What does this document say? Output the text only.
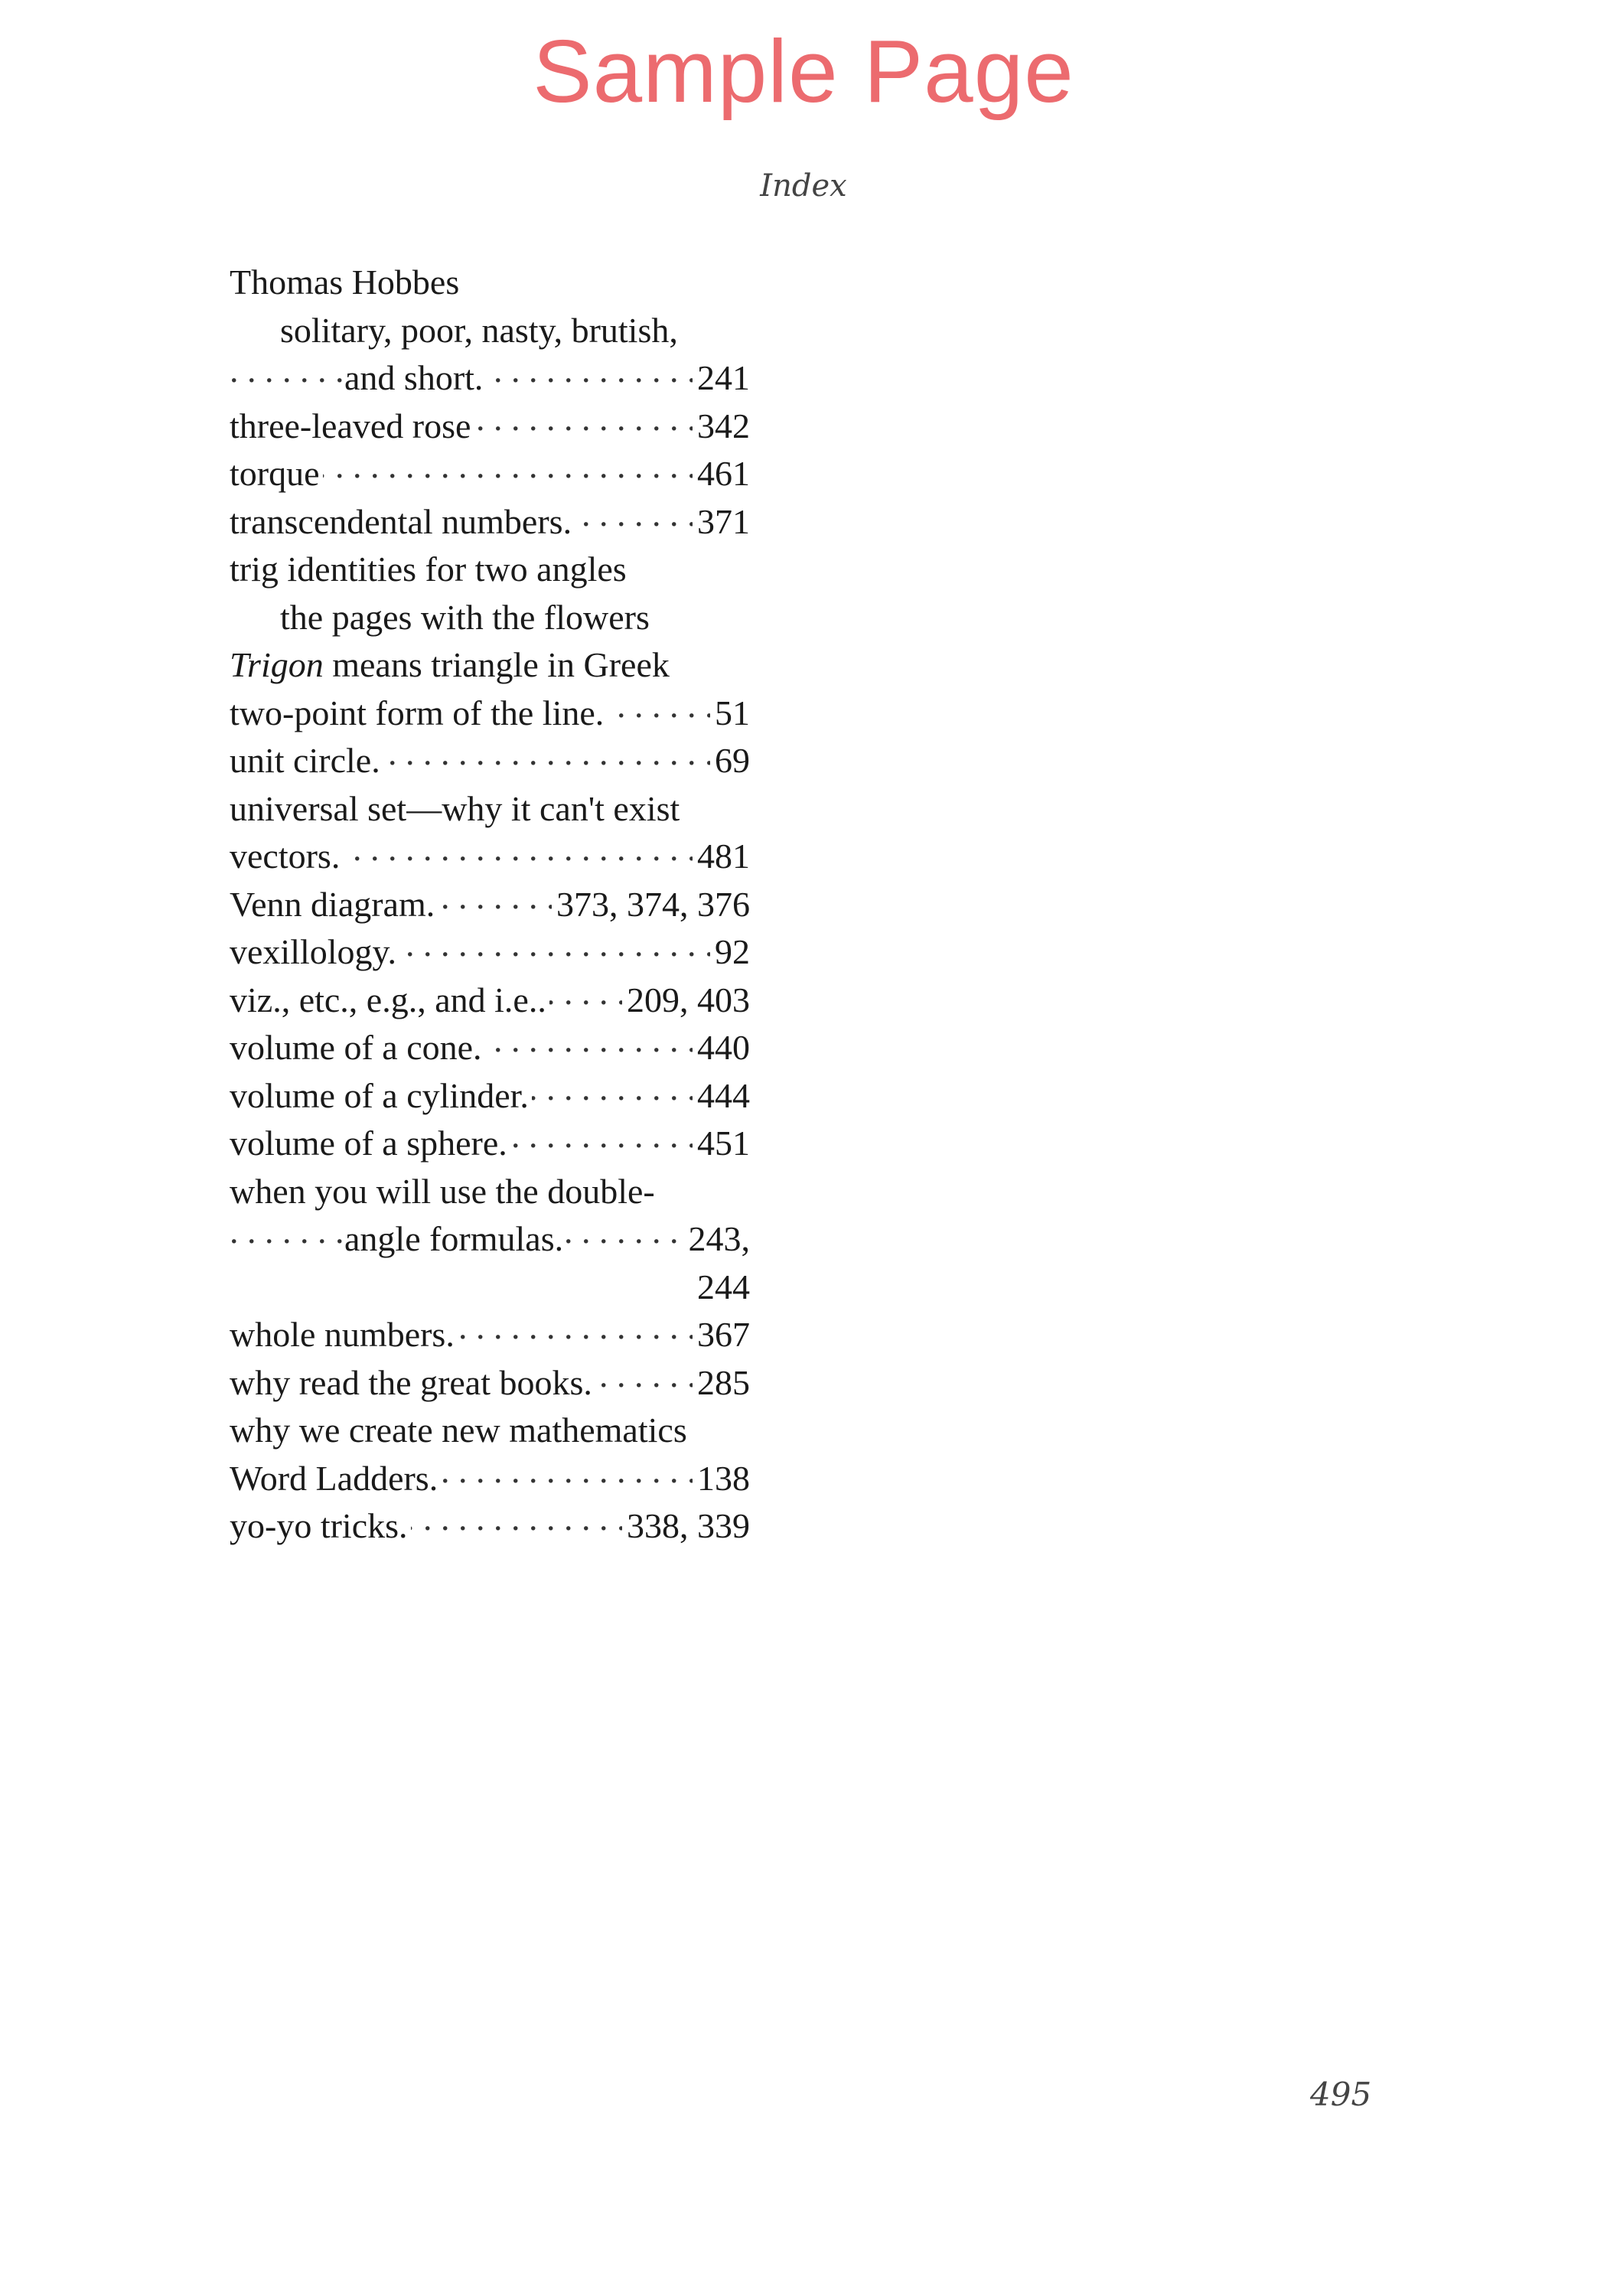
Sample Page
Index
Thomas Hobbes
solitary, poor, nasty, brutish,
and short. . . .	241
three-leaved rose . . .	342
torque . . .	461
transcendental numbers. . . .	371
trig identities for two angles
the pages with the flowers
Trigon means triangle in Greek
two-point form of the line. . . .	51
unit circle. . . .	69
universal set—why it can't exist
vectors. . . .	481
Venn diagram. . . .	373, 374, 376
vexillology. . . .	92
viz., etc., e.g., and i.e.. . . . 209, 403
volume of a cone. . . .	440
volume of a cylinder. . . .	444
volume of a sphere. . . .	451
when you will use the double-
angle formulas. . . .	243,
244
whole numbers. . . .	367
why read the great books. . . .	285
why we create new mathematics
Word Ladders. . . .	138
yo-yo tricks. . . .	338, 339
495
